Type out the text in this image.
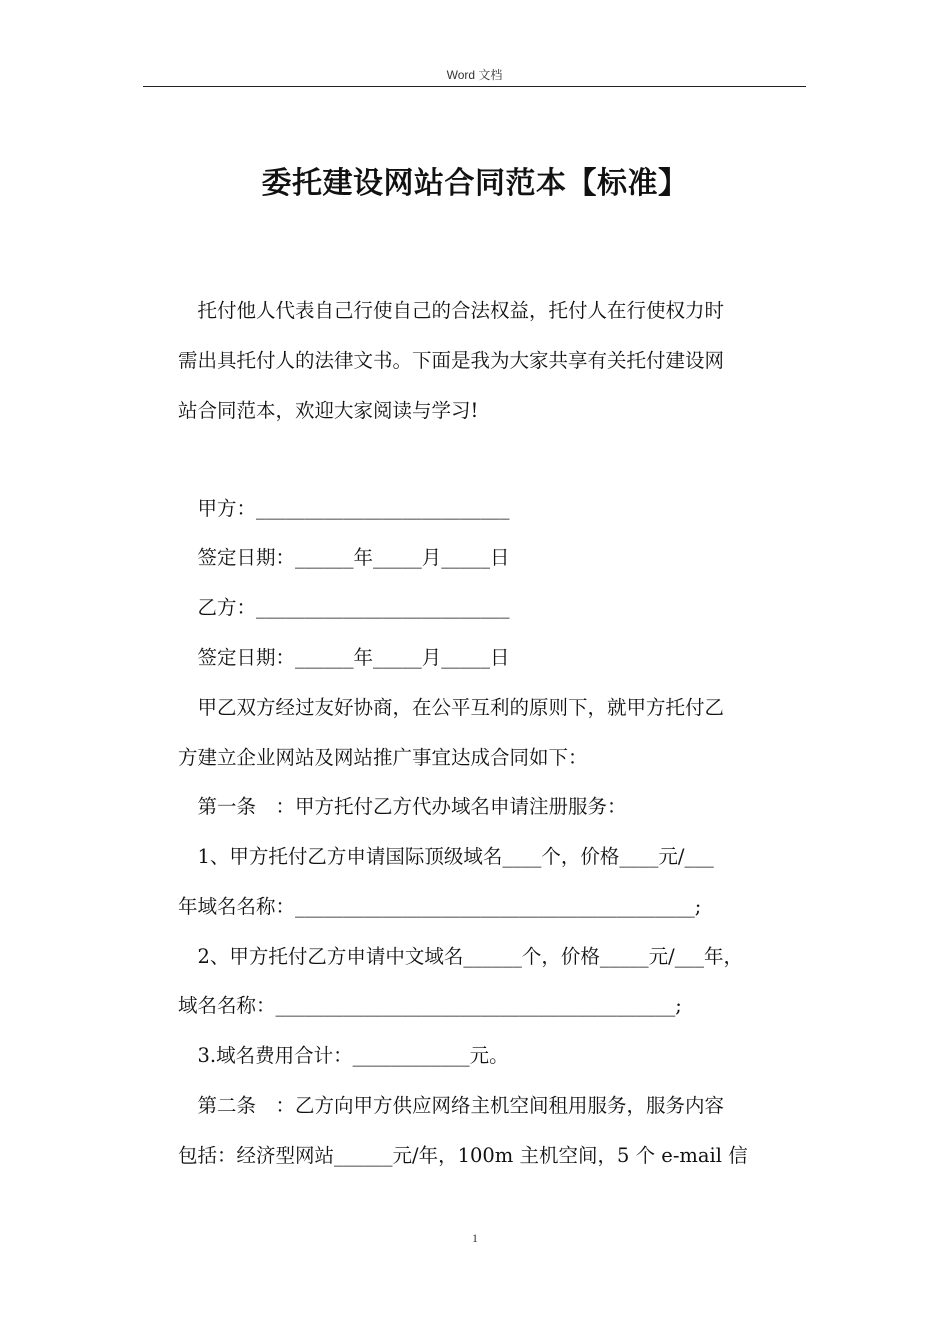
Word 文档
委托建设网站合同范本【标准】
　托付他人代表自己行使自己的合法权益，托付人在行使权力时
需出具托付人的法律文书。下面是我为大家共享有关托付建设网
站合同范本，欢迎大家阅读与学习!
　甲方：__________________________
　签定日期：______年_____月_____日
　乙方：__________________________
　签定日期：______年_____月_____日
　甲乙双方经过友好协商，在公平互利的原则下，就甲方托付乙
方建立企业网站及网站推广事宜达成合同如下：
　第一条　：甲方托付乙方代办域名申请注册服务：
　1、甲方托付乙方申请国际顶级域名____个，价格____元/___
年域名名称：_________________________________________;
　2、甲方托付乙方申请中文域名______个，价格_____元/___年，
域名名称：_________________________________________;
　3.域名费用合计：____________元。
　第二条　：乙方向甲方供应网络主机空间租用服务，服务内容
包括：经济型网站______元/年，100m 主机空间，5 个 e-mail 信
1
